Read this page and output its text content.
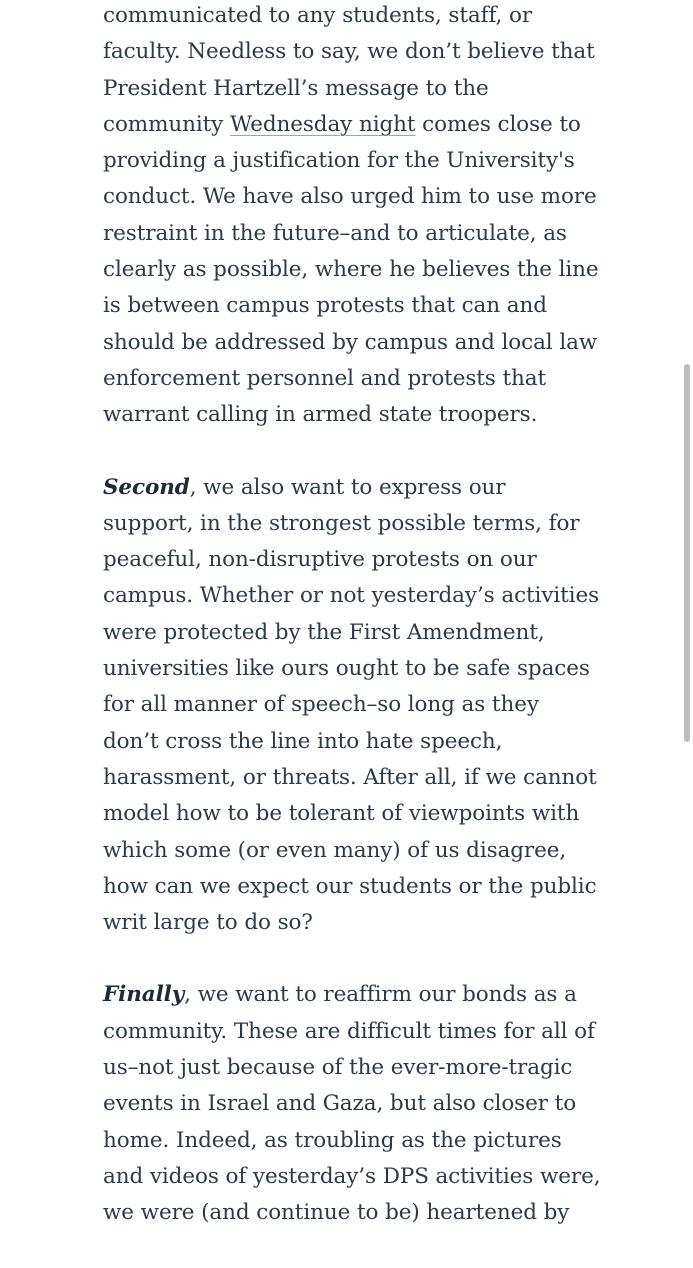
communicated to any students, staff, or
faculty. Needless to say, we don’t believe that
President Hartzell’s message to the
community Wednesday night comes close to
providing a justification for the University's
conduct. We have also urged him to use more
restraint in the future–and to articulate, as
clearly as possible, where he believes the line
is between campus protests that can and
should be addressed by campus and local law
enforcement personnel and protests that
warrant calling in armed state troopers.

Second, we also want to express our
support, in the strongest possible terms, for
peaceful, non-disruptive protests on our
campus. Whether or not yesterday’s activities
were protected by the First Amendment,
universities like ours ought to be safe spaces
for all manner of speech–so long as they
don’t cross the line into hate speech,
harassment, or threats. After all, if we cannot
model how to be tolerant of viewpoints with
which some (or even many) of us disagree,
how can we expect our students or the public
writ large to do so?

Finally, we want to reaffirm our bonds as a
community. These are difficult times for all of
us–not just because of the ever-more-tragic
events in Israel and Gaza, but also closer to
home. Indeed, as troubling as the pictures
and videos of yesterday’s DPS activities were,
we were (and continue to be) heartened by
